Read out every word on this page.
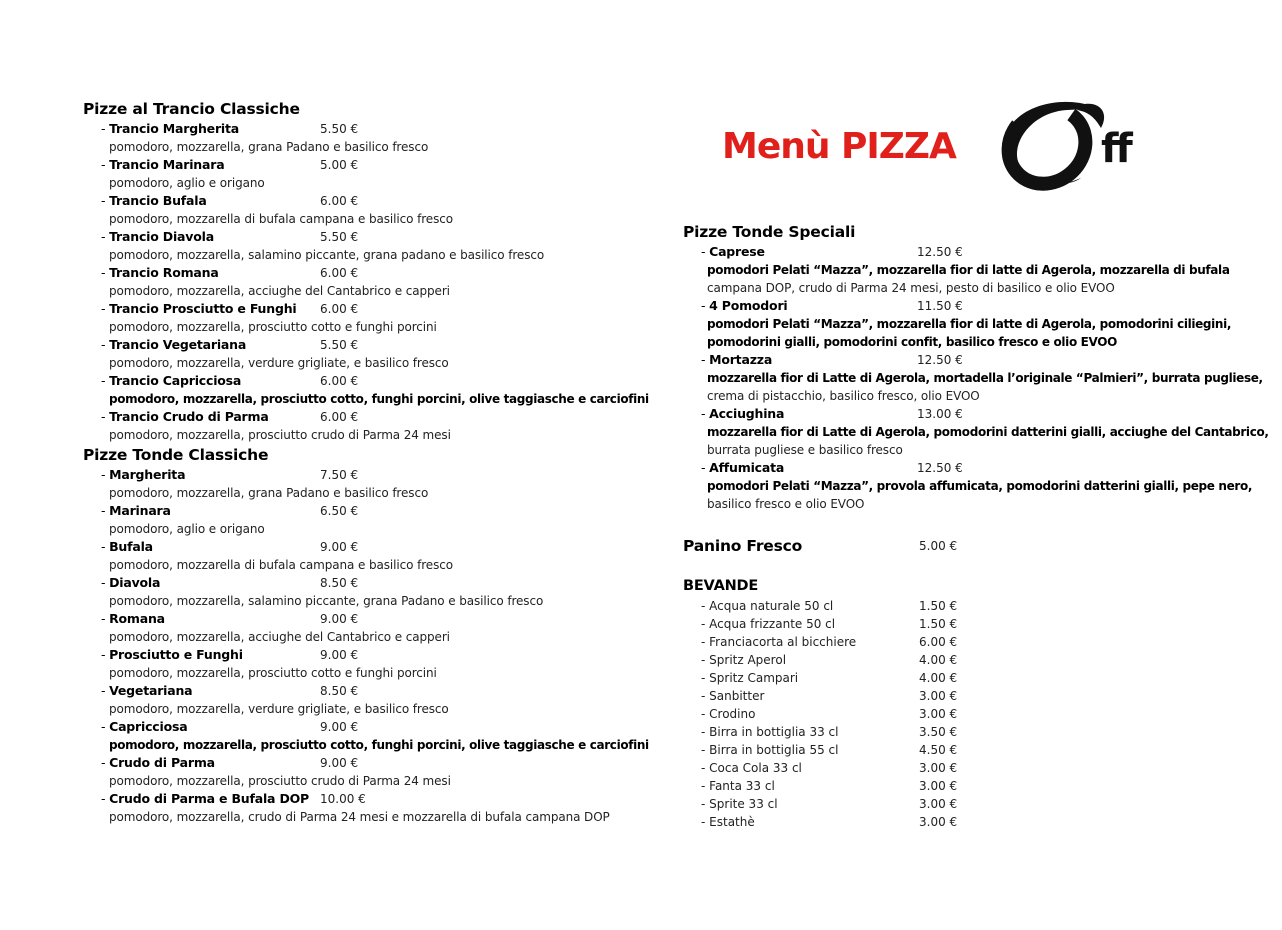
Menù PIZZA	ff
Pizze al Trancio Classiche
- Trancio Margherita	5.50 €
pomodoro, mozzarella, grana Padano e basilico fresco
- Trancio Marinara	5.00 €
pomodoro, aglio e origano
- Trancio Bufala	6.00 €
pomodoro, mozzarella di bufala campana e basilico fresco
- Trancio Diavola	5.50 €
pomodoro, mozzarella, salamino piccante, grana padano e basilico fresco
- Trancio Romana	6.00 €
pomodoro, mozzarella, acciughe del Cantabrico e capperi
- Trancio Prosciutto e Funghi 6.00 €
pomodoro, mozzarella, prosciutto cotto e funghi porcini
- Trancio Vegetariana	5.50 €
pomodoro, mozzarella, verdure grigliate, e basilico fresco
- Trancio Capricciosa	6.00 €
pomodoro, mozzarella, prosciutto cotto, funghi porcini, olive taggiasche e carciofini
- Trancio Crudo di Parma	6.00 €
pomodoro, mozzarella, prosciutto crudo di Parma 24 mesi
Pizze Tonde Classiche
- Margherita	7.50 €
pomodoro, mozzarella, grana Padano e basilico fresco
- Marinara	6.50 €
pomodoro, aglio e origano
- Bufala	9.00 €
pomodoro, mozzarella di bufala campana e basilico fresco
- Diavola	8.50 €
pomodoro, mozzarella, salamino piccante, grana Padano e basilico fresco
- Romana	9.00 €
pomodoro, mozzarella, acciughe del Cantabrico e capperi
- Prosciutto e Funghi	9.00 €
pomodoro, mozzarella, prosciutto cotto e funghi porcini
- Vegetariana	8.50 €
pomodoro, mozzarella, verdure grigliate, e basilico fresco
- Capricciosa	9.00 €
pomodoro, mozzarella, prosciutto cotto, funghi porcini, olive taggiasche e carciofini
- Crudo di Parma	9.00 €
pomodoro, mozzarella, prosciutto crudo di Parma 24 mesi
- Crudo di Parma e Bufala DOP 10.00 €
pomodoro, mozzarella, crudo di Parma 24 mesi e mozzarella di bufala campana DOP
Pizze Tonde Speciali
- Caprese	12.50 €
pomodori Pelati “Mazza”, mozzarella fior di latte di Agerola, mozzarella di bufala
campana DOP, crudo di Parma 24 mesi, pesto di basilico e olio EVOO
- 4 Pomodori	11.50 €
pomodori Pelati “Mazza”, mozzarella fior di latte di Agerola, pomodorini ciliegini,
pomodorini gialli, pomodorini confit, basilico fresco e olio EVOO
- Mortazza	12.50 €
mozzarella fior di Latte di Agerola, mortadella l’originale “Palmieri”, burrata pugliese,
crema di pistacchio, basilico fresco, olio EVOO
- Acciughina	13.00 €
mozzarella fior di Latte di Agerola, pomodorini datterini gialli, acciughe del Cantabrico,
burrata pugliese e basilico fresco
- Affumicata	12.50 €
pomodori Pelati “Mazza”, provola affumicata, pomodorini datterini gialli, pepe nero,
basilico fresco e olio EVOO
Panino Fresco	5.00 €
BEVANDE
- Acqua naturale 50 cl	1.50 €
- Acqua frizzante 50 cl	1.50 €
- Franciacorta al bicchiere	6.00 €
- Spritz Aperol	4.00 €
- Spritz Campari	4.00 €
- Sanbitter	3.00 €
- Crodino	3.00 €
- Birra in bottiglia 33 cl	3.50 €
- Birra in bottiglia 55 cl	4.50 €
- Coca Cola 33 cl	3.00 €
- Fanta 33 cl	3.00 €
- Sprite 33 cl	3.00 €
- Estathè	3.00 €
